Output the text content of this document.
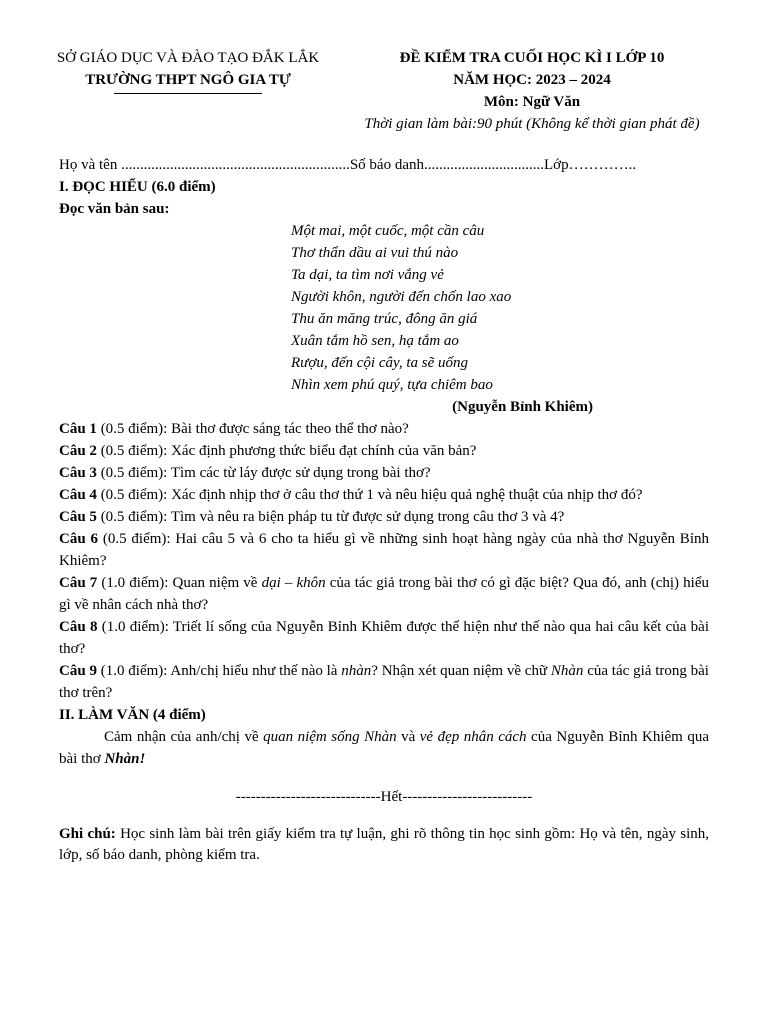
SỞ GIÁO DỤC VÀ ĐÀO TẠO ĐẮK LẮK
TRƯỜNG THPT NGÔ GIA TỰ
ĐỀ KIỂM TRA CUỐI HỌC KÌ I LỚP 10
NĂM HỌC: 2023 – 2024
Môn: Ngữ Văn
Thời gian làm bài:90 phút (Không kể thời gian phát đề)
Họ và tên .............................................................Số báo danh................................Lớp…………..
I. ĐỌC HIỂU (6.0 điểm)
Đọc văn bản sau:
Một mai, một cuốc, một cần câu
Thơ thẩn dầu ai vui thú nào
Ta dại, ta tìm nơi vắng vẻ
Người khôn, người đến chốn lao xao
Thu ăn măng trúc, đông ăn giá
Xuân tắm hồ sen, hạ tắm ao
Rượu, đến cội cây, ta sẽ uống
Nhìn xem phú quý, tựa chiêm bao
(Nguyễn Bỉnh Khiêm)
Câu 1 (0.5 điểm): Bài thơ được sáng tác theo thể thơ nào?
Câu 2 (0.5 điểm): Xác định phương thức biểu đạt chính của văn bản?
Câu 3 (0.5 điểm): Tìm các từ láy được sử dụng trong bài thơ?
Câu 4 (0.5 điểm): Xác định nhịp thơ ở câu thơ thứ 1 và nêu hiệu quả nghệ thuật của nhịp thơ đó?
Câu 5 (0.5 điểm): Tìm và nêu ra biện pháp tu từ được sử dụng trong câu thơ 3 và 4?
Câu 6 (0.5 điểm): Hai câu 5 và 6 cho ta hiểu gì về những sinh hoạt hàng ngày của nhà thơ Nguyễn Bỉnh Khiêm?
Câu 7 (1.0 điểm): Quan niệm về dại – khôn của tác giả trong bài thơ có gì đặc biệt? Qua đó, anh (chị) hiểu gì về nhân cách nhà thơ?
Câu 8 (1.0 điểm): Triết lí sống của Nguyễn Bỉnh Khiêm được thể hiện như thế nào qua hai câu kết của bài thơ?
Câu 9 (1.0 điểm): Anh/chị hiểu như thế nào là nhàn? Nhận xét quan niệm về chữ Nhàn của tác giả trong bài thơ trên?
II. LÀM VĂN (4 điểm)
Cảm nhận của anh/chị về quan niệm sống Nhàn và vẻ đẹp nhân cách của Nguyễn Bỉnh Khiêm qua bài thơ Nhàn!
-----------------------------Hết--------------------------
Ghi chú: Học sinh làm bài trên giấy kiểm tra tự luận, ghi rõ thông tin học sinh gồm: Họ và tên, ngày sinh, lớp, số báo danh, phòng kiểm tra.
